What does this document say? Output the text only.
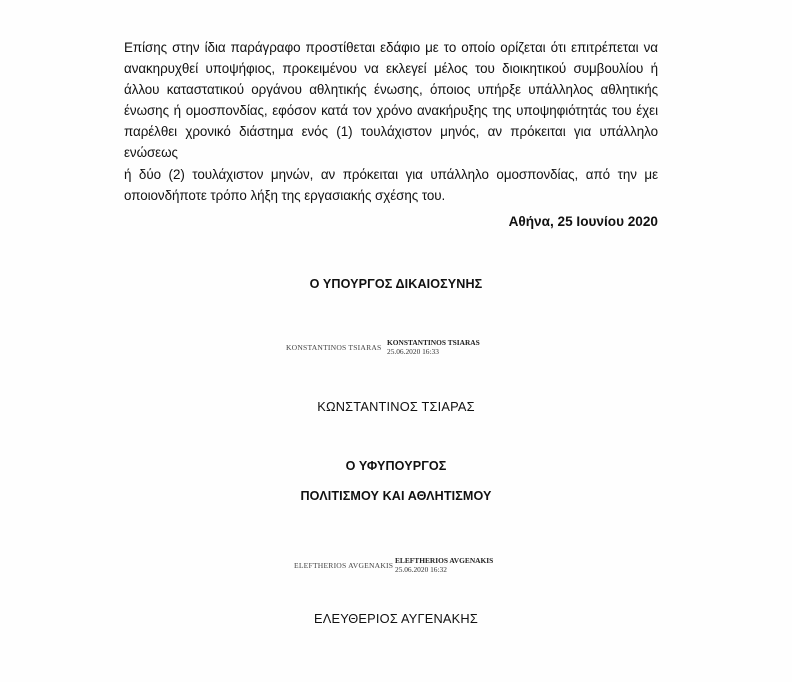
Επίσης στην ίδια παράγραφο προστίθεται εδάφιο με το οποίο ορίζεται ότι επιτρέπεται να
ανακηρυχθεί υποψήφιος, προκειμένου να εκλεγεί μέλος του διοικητικού συμβουλίου ή
άλλου καταστατικού οργάνου αθλητικής ένωσης, όποιος υπήρξε υπάλληλος αθλητικής
ένωσης ή ομοσπονδίας, εφόσον κατά τον χρόνο ανακήρυξης της υποψηφιότητάς του έχει
παρέλθει χρονικό διάστημα ενός (1) τουλάχιστον μηνός, αν πρόκειται για υπάλληλο ενώσεως
ή δύο (2) τουλάχιστον μηνών, αν πρόκειται για υπάλληλο ομοσπονδίας, από την με
οποιονδήποτε τρόπο λήξη της εργασιακής σχέσης του.
Αθήνα, 25 Ιουνίου 2020
Ο ΥΠΟΥΡΓΟΣ ΔΙΚΑΙΟΣΥΝΗΣ
KONSTANTINOS TSIARAS
KONSTANTINOS TSIARAS
25.06.2020 16:33
ΚΩΝΣΤΑΝΤΙΝΟΣ ΤΣΙΑΡΑΣ
Ο ΥΦΥΠΟΥΡΓΟΣ
ΠΟΛΙΤΙΣΜΟΥ ΚΑΙ ΑΘΛΗΤΙΣΜΟΥ
ELEFTHERIOS AVGENAKIS
ELEFTHERIOS AVGENAKIS
25.06.2020 16:32
ΕΛΕΥΘΕΡΙΟΣ ΑΥΓΕΝΑΚΗΣ
